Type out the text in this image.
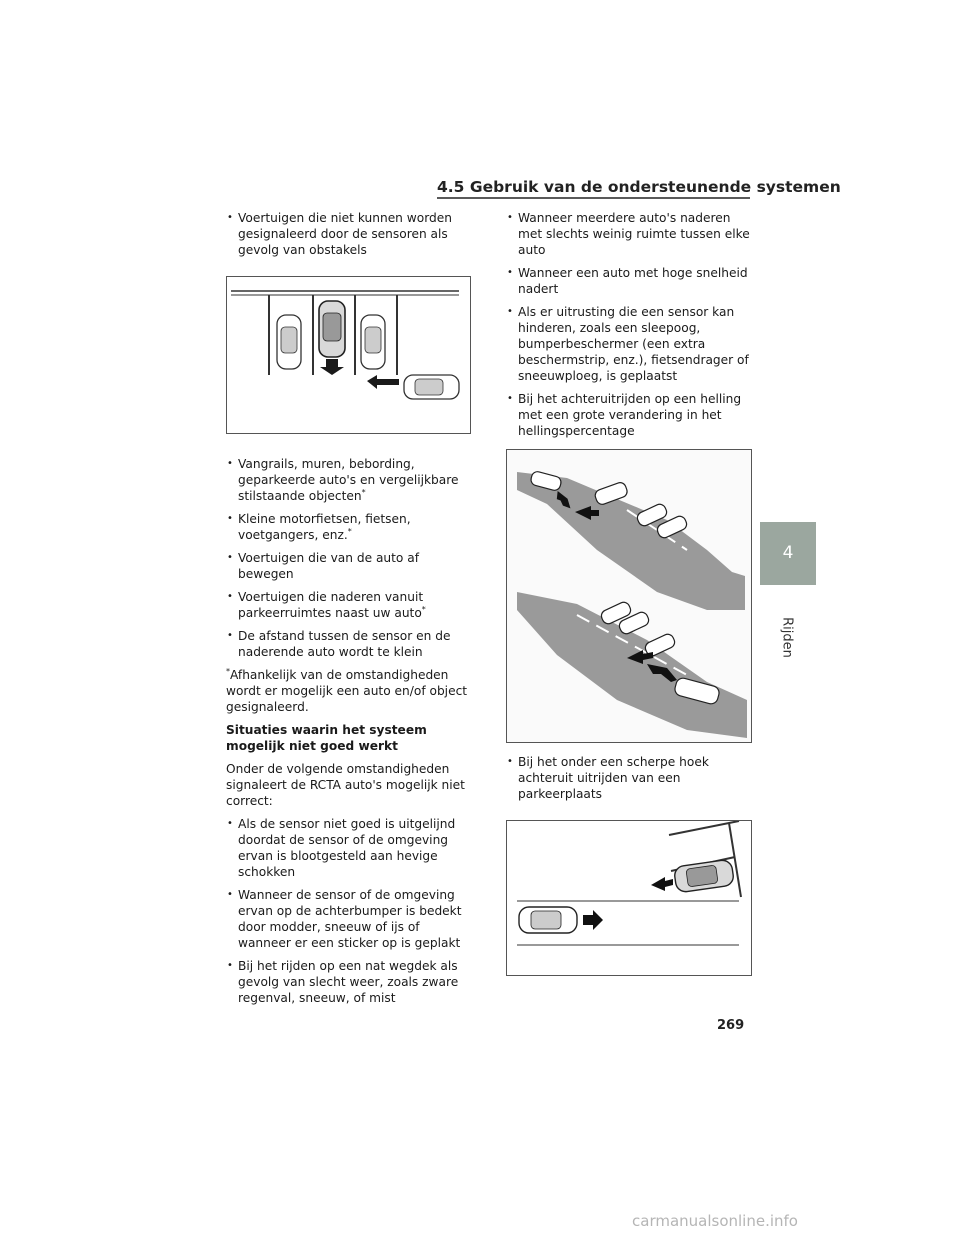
4.5 Gebruik van de ondersteunende systemen
4
Rijden
• Voertuigen die niet kunnen worden gesignaleerd door de sensoren als gevolg van obstakels
• Vangrails, muren, bebording, geparkeerde auto's en vergelijkbare stilstaande objecten*
• Kleine motorfietsen, fietsen, voetgangers, enz.*
• Voertuigen die van de auto af bewegen
• Voertuigen die naderen vanuit parkeerruimtes naast uw auto*
• De afstand tussen de sensor en de naderende auto wordt te klein
*Afhankelijk van de omstandigheden wordt er mogelijk een auto en/of object gesignaleerd.
Situaties waarin het systeem mogelijk niet goed werkt
Onder de volgende omstandigheden signaleert de RCTA auto's mogelijk niet correct:
• Als de sensor niet goed is uitgelijnd doordat de sensor of de omgeving ervan is blootgesteld aan hevige schokken
• Wanneer de sensor of de omgeving ervan op de achterbumper is bedekt door modder, sneeuw of ijs of wanneer er een sticker op is geplakt
• Bij het rijden op een nat wegdek als gevolg van slecht weer, zoals zware regenval, sneeuw, of mist
• Wanneer meerdere auto's naderen met slechts weinig ruimte tussen elke auto
• Wanneer een auto met hoge snelheid nadert
• Als er uitrusting die een sensor kan hinderen, zoals een sleepoog, bumperbeschermer (een extra beschermstrip, enz.), fietsendrager of sneeuwploeg, is geplaatst
• Bij het achteruitrijden op een helling met een grote verandering in het hellingspercentage
• Bij het onder een scherpe hoek achteruit uitrijden van een parkeerplaats
269
carmanualsonline.info
